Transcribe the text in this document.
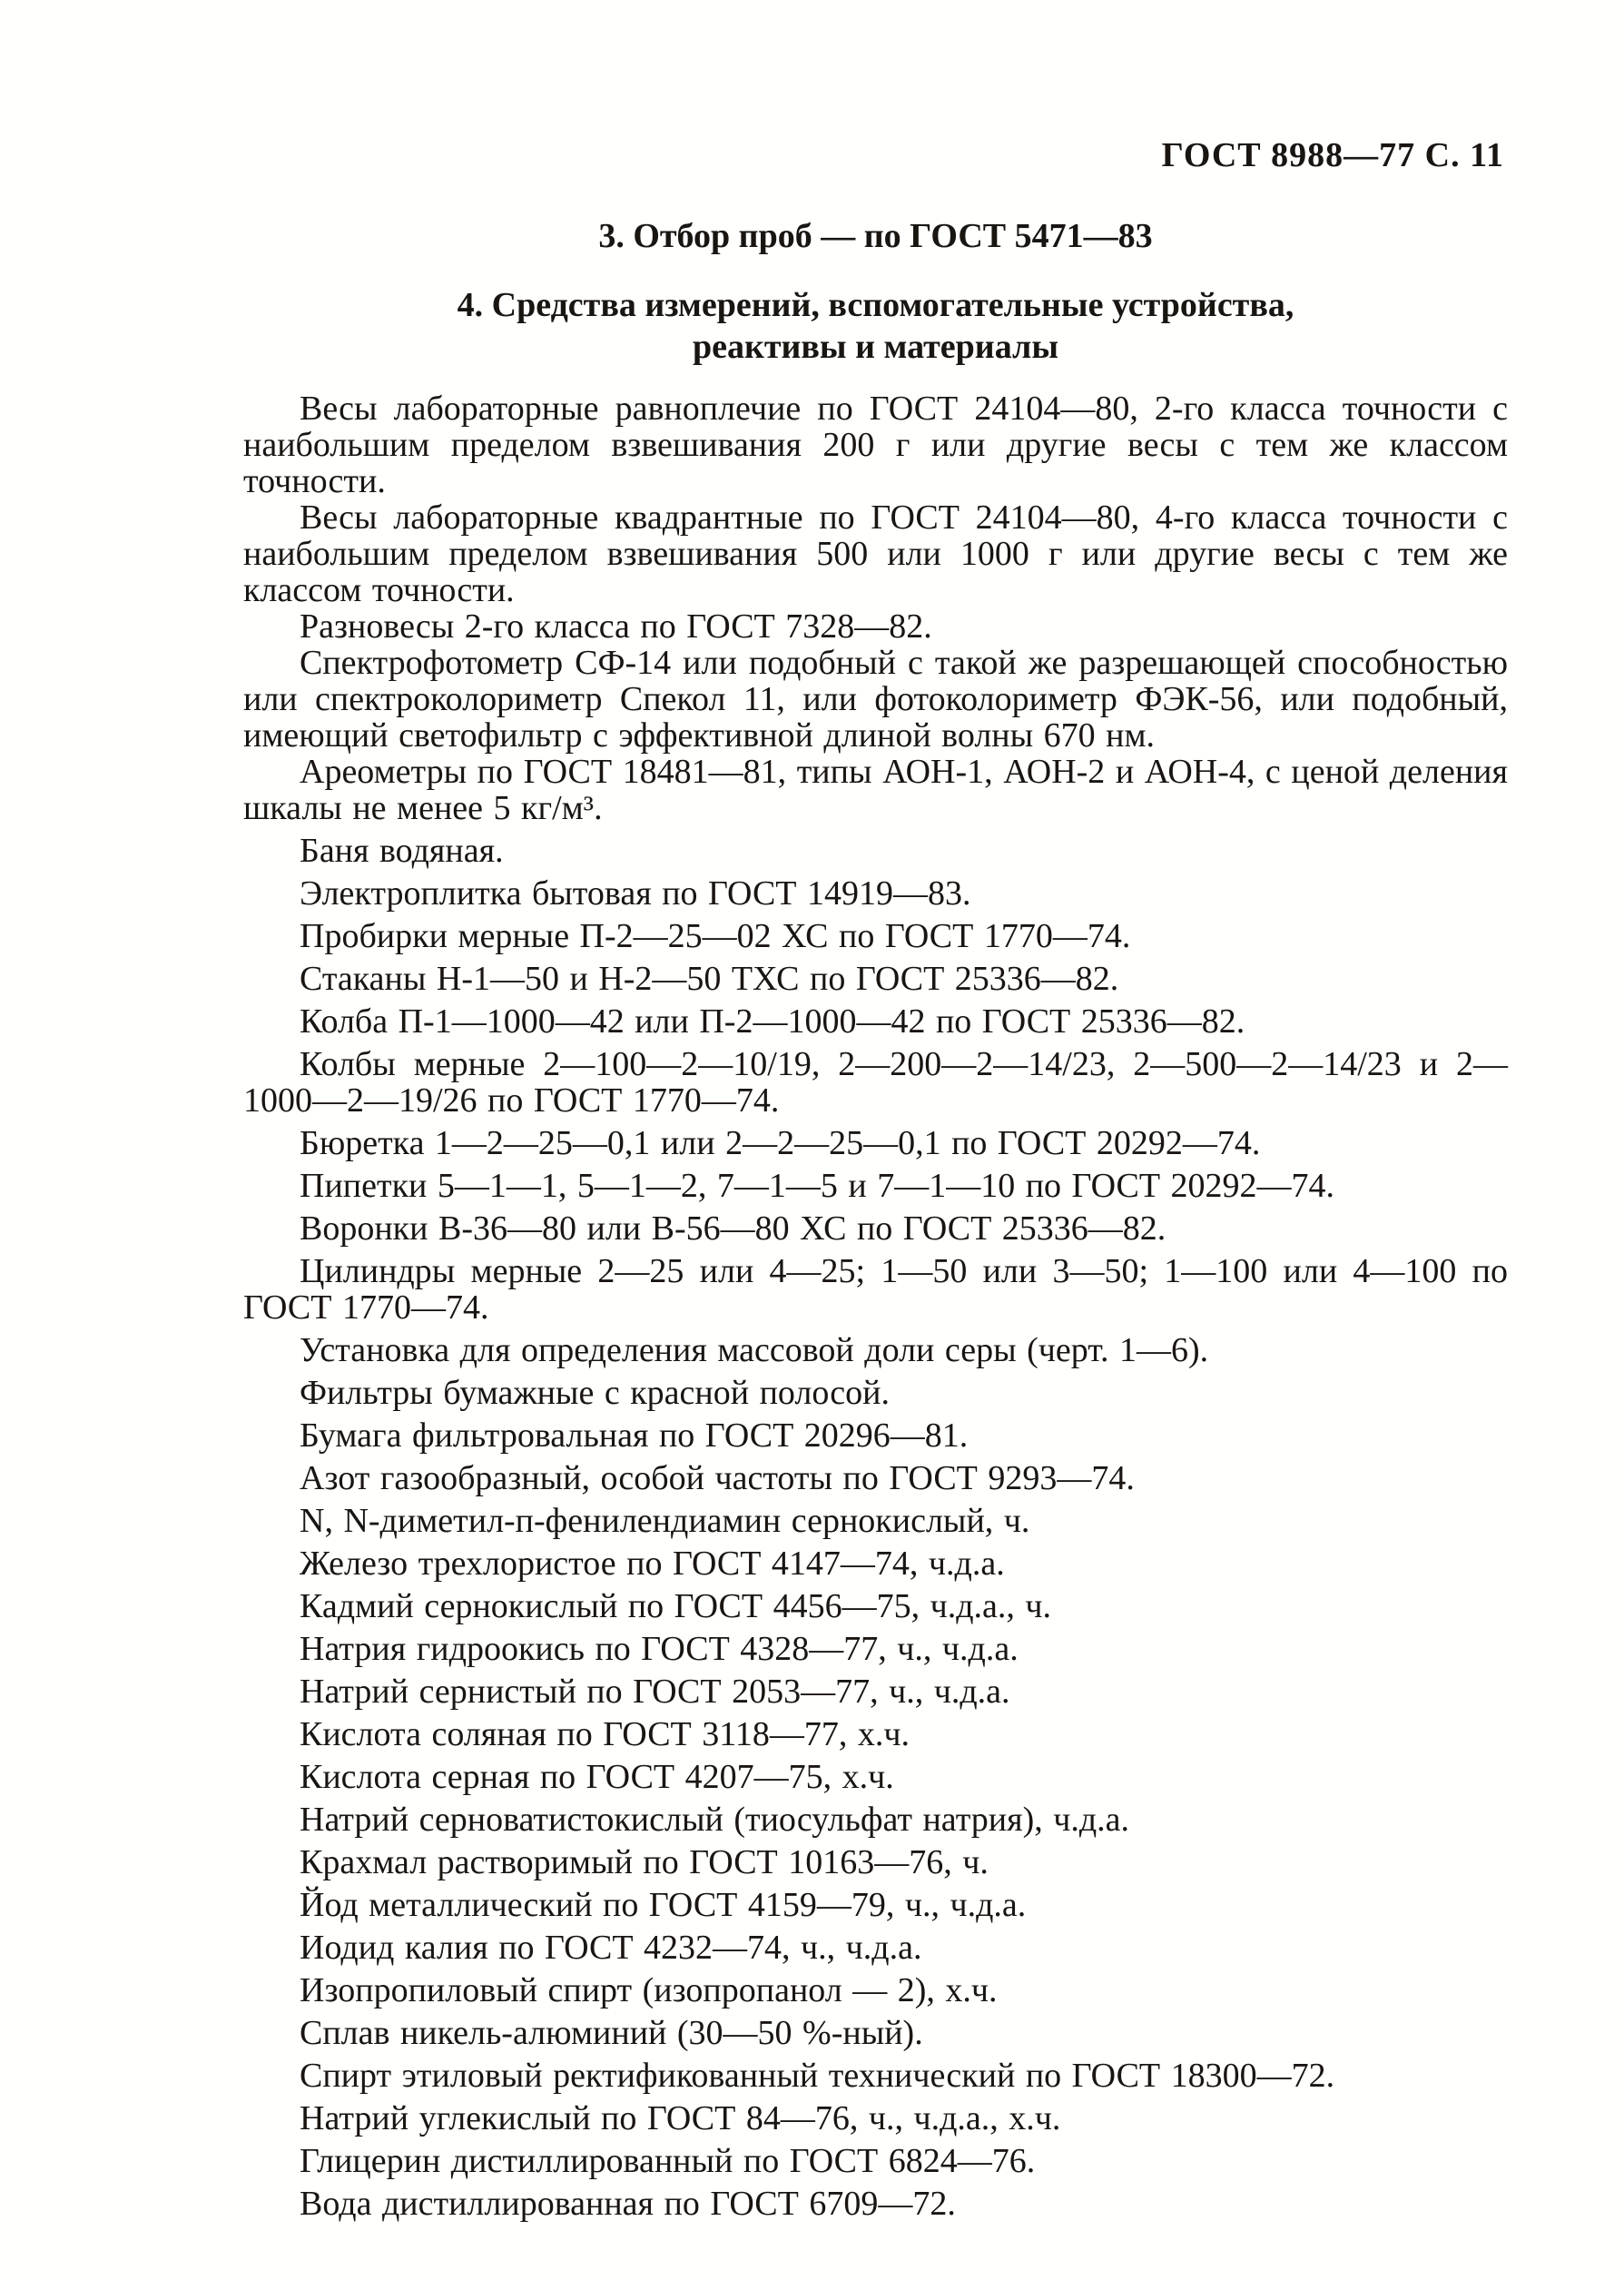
ГОСТ 8988—77 С. 11
3. Отбор проб — по ГОСТ 5471—83
4. Средства измерений, вспомогательные устройства,
реактивы и материалы

Весы лабораторные равноплечие по ГОСТ 24104—80, 2-го класса точности с наибольшим пределом взвешивания 200 г или другие весы с тем же классом точности.

Весы лабораторные квадрантные по ГОСТ 24104—80, 4-го класса точности с наибольшим пределом взвешивания 500 или 1000 г или другие весы с тем же классом точности.

Разновесы 2-го класса по ГОСТ 7328—82.

Спектрофотометр СФ-14 или подобный с такой же разрешающей способностью или спектроколориметр Спекол 11, или фотоколориметр ФЭК-56, или подобный, имеющий светофильтр с эффективной длиной волны 670 нм.

Ареометры по ГОСТ 18481—81, типы АОН-1, АОН-2 и АОН-4, с ценой деления шкалы не менее 5 кг/м³.

Баня водяная.

Электроплитка бытовая по ГОСТ 14919—83.

Пробирки мерные П-2—25—02 ХС по ГОСТ 1770—74.

Стаканы Н-1—50 и Н-2—50 ТХС по ГОСТ 25336—82.

Колба П-1—1000—42 или П-2—1000—42 по ГОСТ 25336—82.

Колбы мерные 2—100—2—10/19, 2—200—2—14/23, 2—500—2—14/23 и 2—1000—2—19/26 по ГОСТ 1770—74.

Бюретка 1—2—25—0,1 или 2—2—25—0,1 по ГОСТ 20292—74.

Пипетки 5—1—1, 5—1—2, 7—1—5 и 7—1—10 по ГОСТ 20292—74.

Воронки В-36—80 или В-56—80 ХС по ГОСТ 25336—82.

Цилиндры мерные 2—25 или 4—25; 1—50 или 3—50; 1—100 или 4—100 по ГОСТ 1770—74.

Установка для определения массовой доли серы (черт. 1—6).

Фильтры бумажные с красной полосой.

Бумага фильтровальная по ГОСТ 20296—81.

Азот газообразный, особой частоты по ГОСТ 9293—74.

N, N-диметил-п-фенилендиамин сернокислый, ч.

Железо трехлористое по ГОСТ 4147—74, ч.д.а.

Кадмий сернокислый по ГОСТ 4456—75, ч.д.а., ч.

Натрия гидроокись по ГОСТ 4328—77, ч., ч.д.а.

Натрий сернистый по ГОСТ 2053—77, ч., ч.д.а.

Кислота соляная по ГОСТ 3118—77, х.ч.

Кислота серная по ГОСТ 4207—75, х.ч.

Натрий серноватистокислый (тиосульфат натрия), ч.д.а.

Крахмал растворимый по ГОСТ 10163—76, ч.

Йод металлический по ГОСТ 4159—79, ч., ч.д.а.

Иодид калия по ГОСТ 4232—74, ч., ч.д.а.

Изопропиловый спирт (изопропанол — 2), х.ч.

Сплав никель-алюминий (30—50 %-ный).

Спирт этиловый ректификованный технический по ГОСТ 18300—72.

Натрий углекислый по ГОСТ 84—76, ч., ч.д.а., х.ч.

Глицерин дистиллированный по ГОСТ 6824—76.

Вода дистиллированная по ГОСТ 6709—72.
